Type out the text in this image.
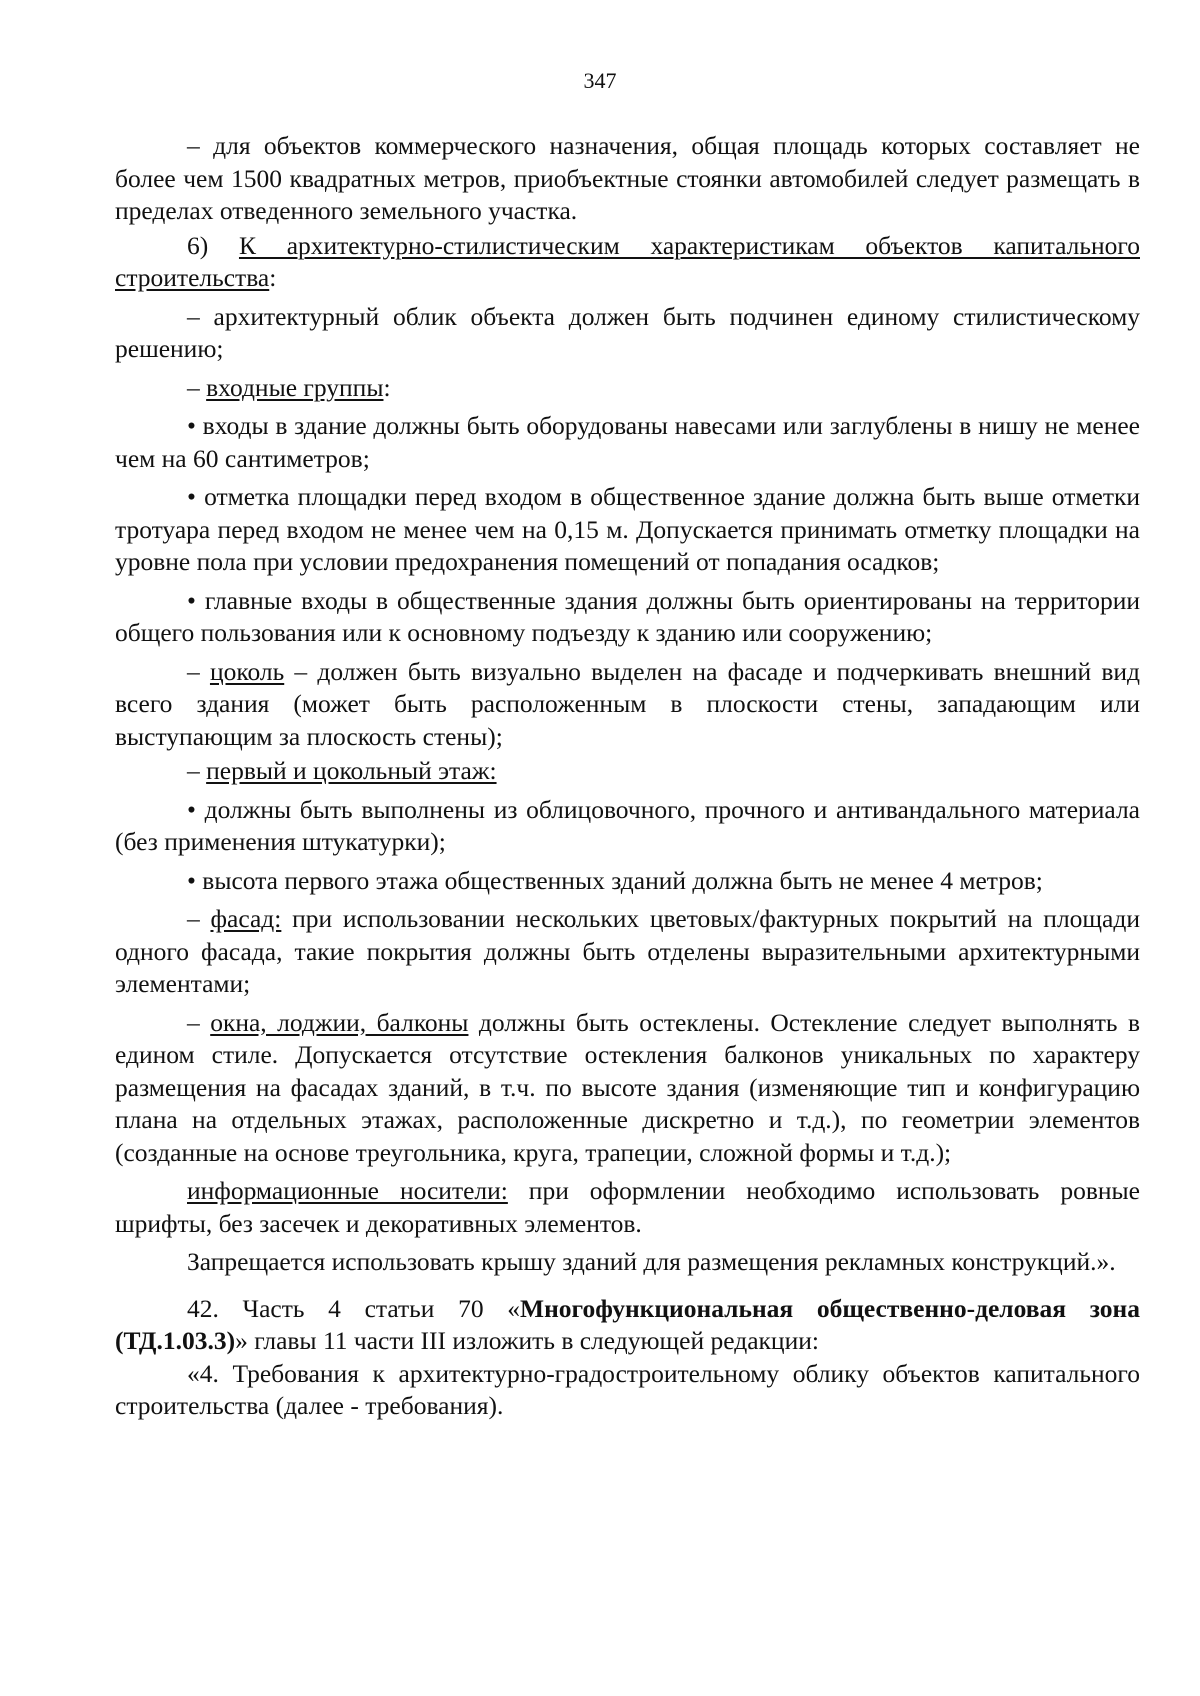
347

– для объектов коммерческого назначения, общая площадь которых составляет не более чем 1500 квадратных метров, приобъектные стоянки автомобилей следует размещать в пределах отведенного земельного участка.

6) К архитектурно-стилистическим характеристикам объектов капитального строительства:

– архитектурный облик объекта должен быть подчинен единому стилистическому решению;

– входные группы:

• входы в здание должны быть оборудованы навесами или заглублены в нишу не менее чем на 60 сантиметров;

• отметка площадки перед входом в общественное здание должна быть выше отметки тротуара перед входом не менее чем на 0,15 м. Допускается принимать отметку площадки на уровне пола при условии предохранения помещений от попадания осадков;

• главные входы в общественные здания должны быть ориентированы на территории общего пользования или к основному подъезду к зданию или сооружению;

– цоколь – должен быть визуально выделен на фасаде и подчеркивать внешний вид всего здания (может быть расположенным в плоскости стены, западающим или выступающим за плоскость стены);

– первый и цокольный этаж:

• должны быть выполнены из облицовочного, прочного и антивандального материала (без применения штукатурки);

• высота первого этажа общественных зданий должна быть не менее 4 метров;

– фасад: при использовании нескольких цветовых/фактурных покрытий на площади одного фасада, такие покрытия должны быть отделены выразительными архитектурными элементами;

– окна, лоджии, балконы должны быть остеклены. Остекление следует выполнять в едином стиле. Допускается отсутствие остекления балконов уникальных по характеру размещения на фасадах зданий, в т.ч. по высоте здания (изменяющие тип и конфигурацию плана на отдельных этажах, расположенные дискретно и т.д.), по геометрии элементов (созданные на основе треугольника, круга, трапеции, сложной формы и т.д.);

информационные носители: при оформлении необходимо использовать ровные шрифты, без засечек и декоративных элементов.

Запрещается использовать крышу зданий для размещения рекламных конструкций.».

42. Часть 4 статьи 70 «Многофункциональная общественно-деловая зона (ТД.1.03.3)» главы 11 части III изложить в следующей редакции:

«4. Требования к архитектурно-градостроительному облику объектов капитального строительства (далее - требования).
